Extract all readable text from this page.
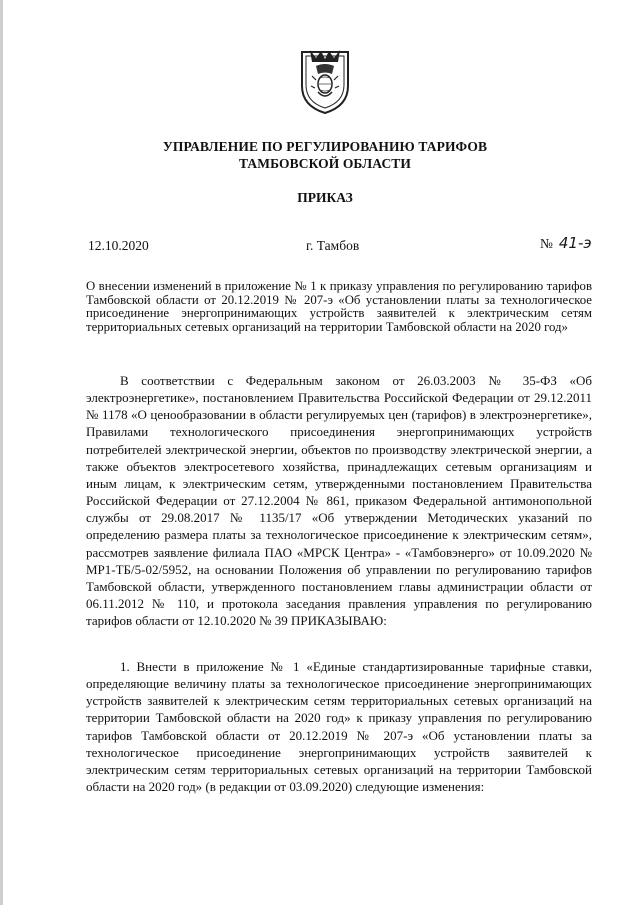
УПРАВЛЕНИЕ ПО РЕГУЛИРОВАНИЮ ТАРИФОВ
ТАМБОВСКОЙ ОБЛАСТИ
ПРИКАЗ
12.10.2020	г. Тамбов	№ 41-э
О внесении изменений в приложение № 1 к приказу управления по регулированию тарифов Тамбовской области от 20.12.2019 № 207-э «Об установлении платы за технологическое присоединение энергопринимающих устройств заявителей к электрическим сетям территориальных сетевых организаций на территории Тамбовской области на 2020 год»
В соответствии с Федеральным законом от 26.03.2003 № 35-ФЗ «Об электроэнергетике», постановлением Правительства Российской Федерации от 29.12.2011 № 1178 «О ценообразовании в области регулируемых цен (тарифов) в электроэнергетике», Правилами технологического присоединения энергопринимающих устройств потребителей электрической энергии, объектов по производству электрической энергии, а также объектов электросетевого хозяйства, принадлежащих сетевым организациям и иным лицам, к электрическим сетям, утвержденными постановлением Правительства Российской Федерации от 27.12.2004 № 861, приказом Федеральной антимонопольной службы от 29.08.2017 № 1135/17 «Об утверждении Методических указаний по определению размера платы за технологическое присоединение к электрическим сетям», рассмотрев заявление филиала ПАО «МРСК Центра» - «Тамбовэнерго» от 10.09.2020 № МР1-ТБ/5-02/5952, на основании Положения об управлении по регулированию тарифов Тамбовской области, утвержденного постановлением главы администрации области от 06.11.2012 № 110, и протокола заседания правления управления по регулированию тарифов области от 12.10.2020 № 39 ПРИКАЗЫВАЮ:
1. Внести в приложение № 1 «Единые стандартизированные тарифные ставки, определяющие величину платы за технологическое присоединение энергопринимающих устройств заявителей к электрическим сетям территориальных сетевых организаций на территории Тамбовской области на 2020 год» к приказу управления по регулированию тарифов Тамбовской области от 20.12.2019 № 207-э «Об установлении платы за технологическое присоединение энергопринимающих устройств заявителей к электрическим сетям территориальных сетевых организаций на территории Тамбовской области на 2020 год» (в редакции от 03.09.2020) следующие изменения:
